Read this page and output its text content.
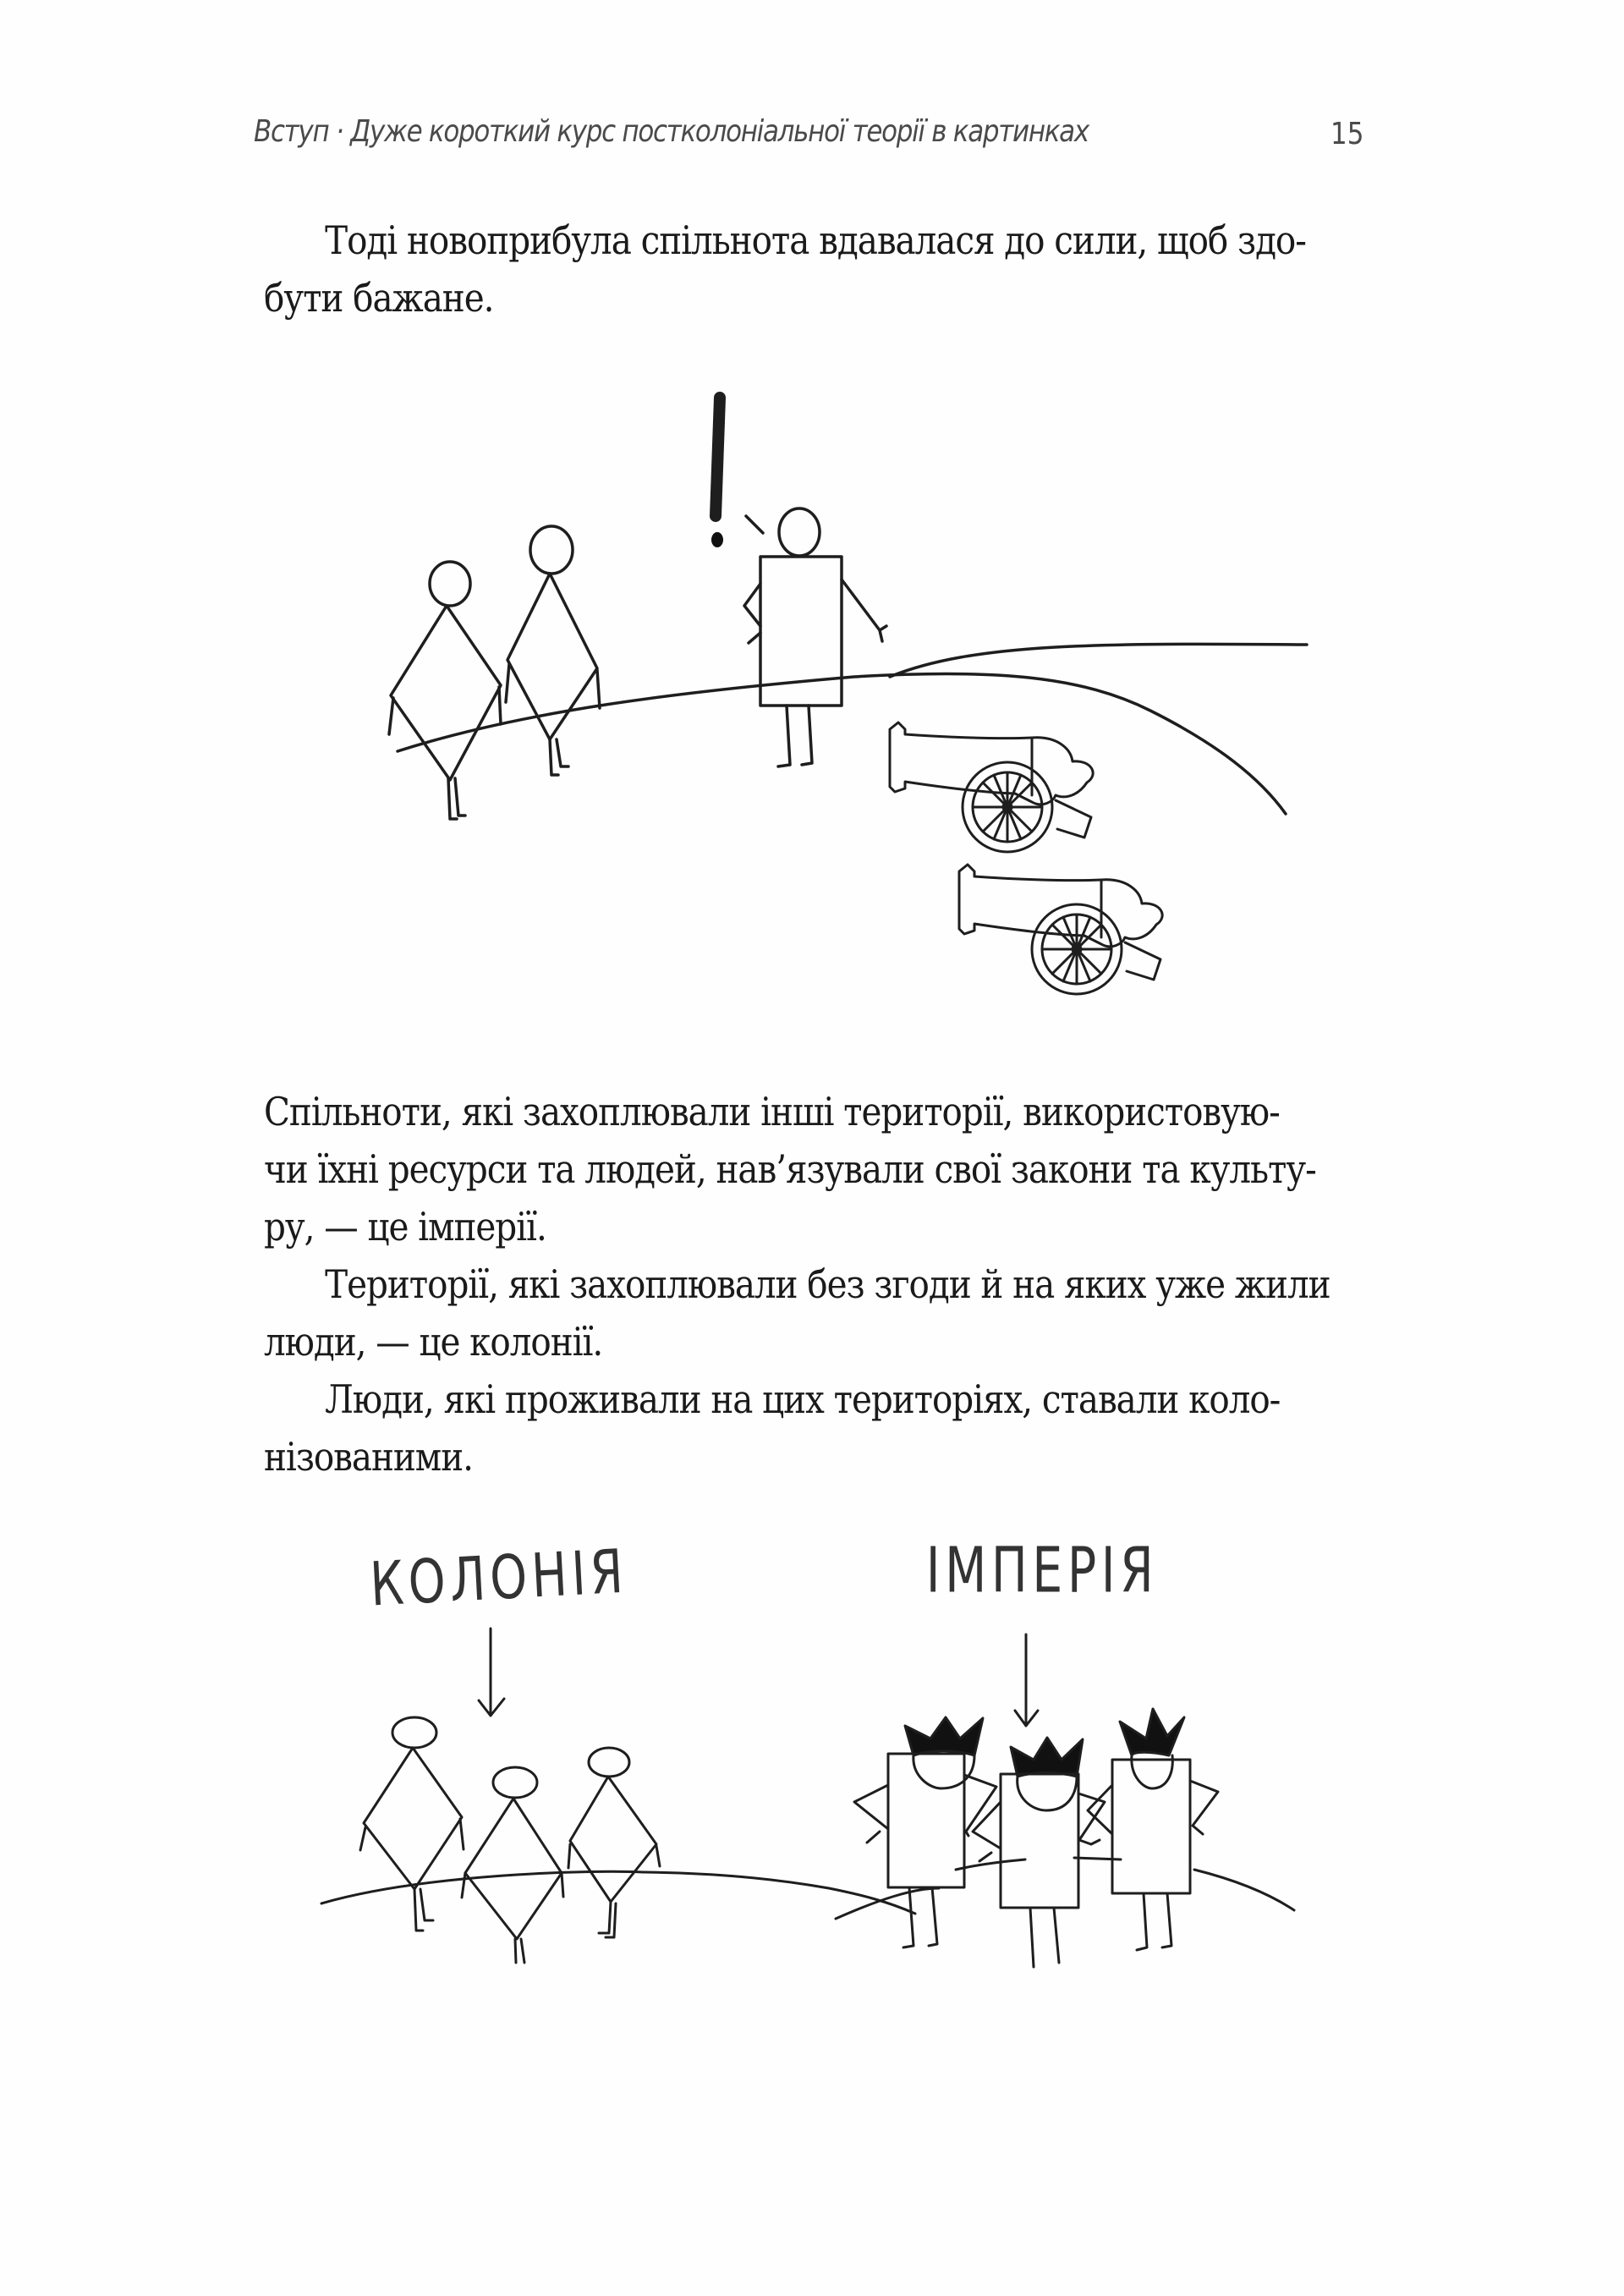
Вступ · Дуже короткий курс постколоніальної теорії в картинках	15
Тоді новоприбула спільнота вдавалася до сили, щоб здо-
бути бажане.
Спільноти, які захоплювали інші території, використовую-
чи їхні ресурси та людей, нав’язували свої закони та культу-
ру, — це імперії.
Території, які захоплювали без згоди й на яких уже жили
люди, — це колонії.
Люди, які проживали на цих територіях, ставали коло-
нізованими.
КОЛОНІЯ	ІМПЕРІЯ
